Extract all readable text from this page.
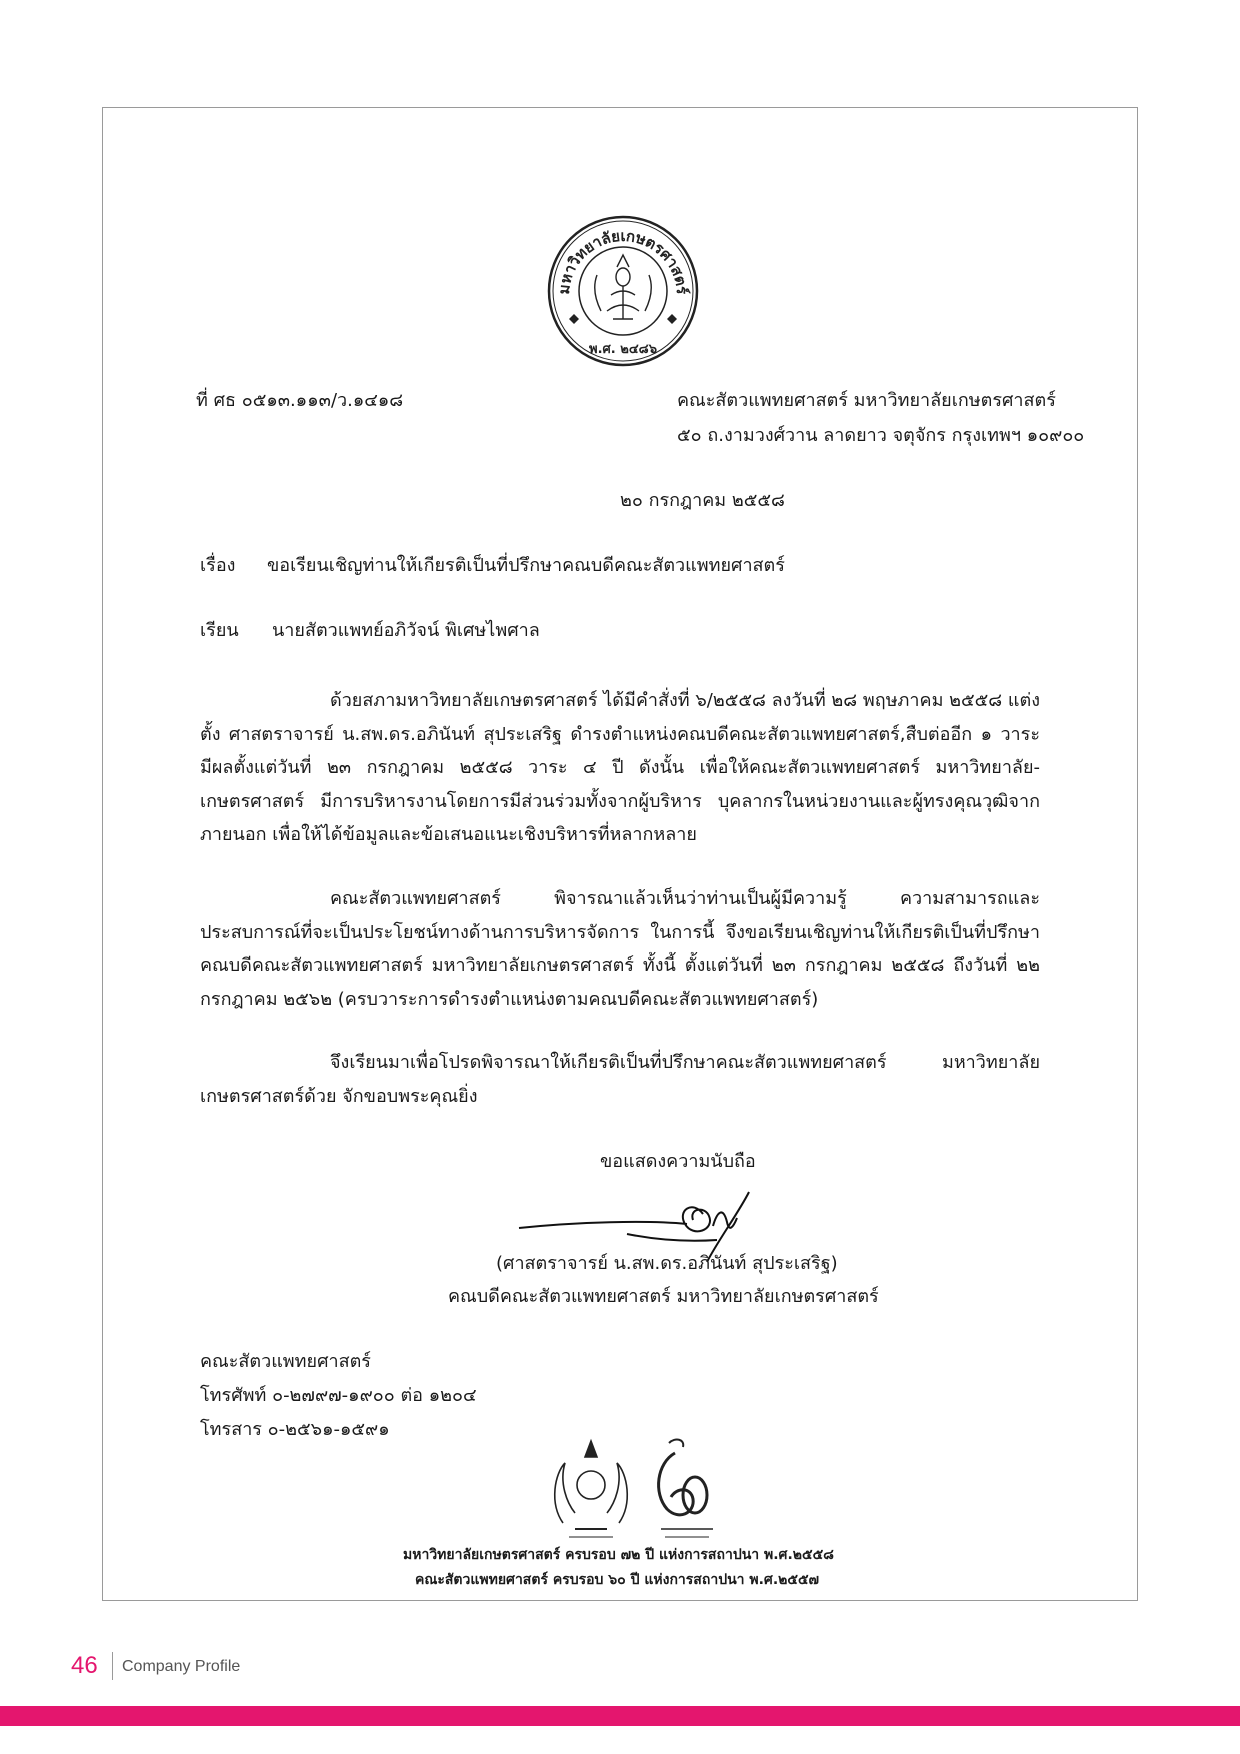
มหาวิทยาลัยเกษตรศาสตร์
พ.ศ. ๒๔๘๖
ที่ ศธ ๐๕๑๓.๑๑๓/ว.๑๔๑๘	คณะสัตวแพทยศาสตร์ มหาวิทยาลัยเกษตรศาสตร์
๕๐ ถ.งามวงศ์วาน ลาดยาว จตุจักร กรุงเทพฯ ๑๐๙๐๐
๒๐ กรกฎาคม ๒๕๕๘
เรื่อง ขอเรียนเชิญท่านให้เกียรติเป็นที่ปรึกษาคณบดีคณะสัตวแพทยศาสตร์
เรียน นายสัตวแพทย์อภิวัจน์ พิเศษไพศาล
ด้วยสภามหาวิทยาลัยเกษตรศาสตร์ ได้มีคำสั่งที่ ๖/๒๕๕๘ ลงวันที่ ๒๘ พฤษภาคม ๒๕๕๘ แต่งตั้ง ศาสตราจารย์ น.สพ.ดร.อภินันท์ สุประเสริฐ ดำรงตำแหน่งคณบดีคณะสัตวแพทยศาสตร์,สืบต่ออีก ๑ วาระ มีผลตั้งแต่วันที่ ๒๓ กรกฎาคม ๒๕๕๘ วาระ ๔ ปี ดังนั้น เพื่อให้คณะสัตวแพทยศาสตร์ มหาวิทยาลัย-เกษตรศาสตร์ มีการบริหารงานโดยการมีส่วนร่วมทั้งจากผู้บริหาร บุคลากรในหน่วยงานและผู้ทรงคุณวุฒิจากภายนอก เพื่อให้ได้ข้อมูลและข้อเสนอแนะเชิงบริหารที่หลากหลาย
คณะสัตวแพทยศาสตร์ พิจารณาแล้วเห็นว่าท่านเป็นผู้มีความรู้ ความสามารถและประสบการณ์ที่จะเป็นประโยชน์ทางด้านการบริหารจัดการ ในการนี้ จึงขอเรียนเชิญท่านให้เกียรติเป็นที่ปรึกษาคณบดีคณะสัตวแพทยศาสตร์ มหาวิทยาลัยเกษตรศาสตร์ ทั้งนี้ ตั้งแต่วันที่ ๒๓ กรกฎาคม ๒๕๕๘ ถึงวันที่ ๒๒ กรกฎาคม ๒๕๖๒ (ครบวาระการดำรงตำแหน่งตามคณบดีคณะสัตวแพทยศาสตร์)
จึงเรียนมาเพื่อโปรดพิจารณาให้เกียรติเป็นที่ปรึกษาคณะสัตวแพทยศาสตร์ มหาวิทยาลัยเกษตรศาสตร์ด้วย จักขอบพระคุณยิ่ง
ขอแสดงความนับถือ
(ศาสตราจารย์ น.สพ.ดร.อภินันท์ สุประเสริฐ)
คณบดีคณะสัตวแพทยศาสตร์ มหาวิทยาลัยเกษตรศาสตร์
คณะสัตวแพทยศาสตร์
โทรศัพท์ ๐-๒๗๙๗-๑๙๐๐ ต่อ ๑๒๐๔
โทรสาร ๐-๒๕๖๑-๑๕๙๑
มหาวิทยาลัยเกษตรศาสตร์ ครบรอบ ๗๒ ปี แห่งการสถาปนา พ.ศ.๒๕๕๘
คณะสัตวแพทยศาสตร์ ครบรอบ ๖๐ ปี แห่งการสถาปนา พ.ศ.๒๕๕๗
46 Company Profile
